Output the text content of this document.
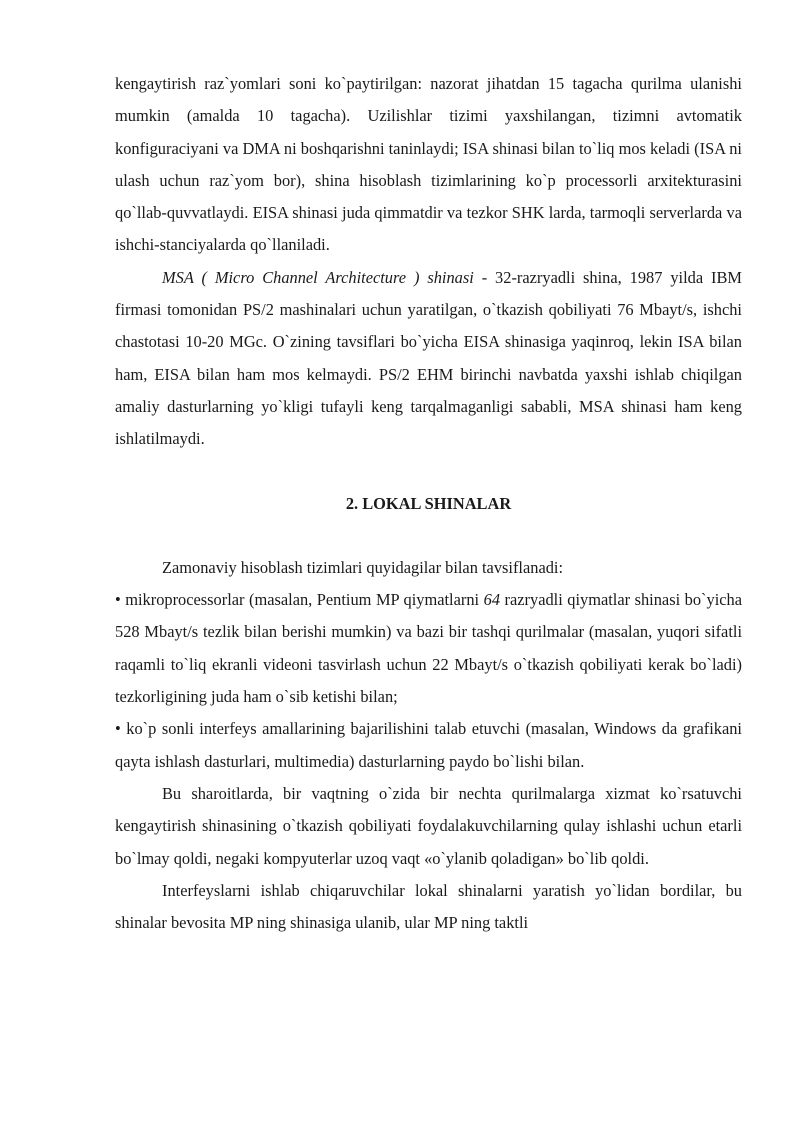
kengaytirish raz`yomlari soni ko`paytirilgan: nazorat jihatdan 15 tagacha qurilma ulanishi mumkin (amalda 10 tagacha). Uzilishlar tizimi yaxshilangan, tizimni avtomatik konfiguraciyani va DMA ni boshqarishni taninlaydi; ISA shinasi bilan to`liq mos keladi (ISA ni ulash uchun raz`yom bor), shina hisoblash tizimlarining ko`p processorli arxitekturasini qo`llab-quvvatlaydi. EISA shinasi juda qimmatdir va tezkor SHK larda, tarmoqli serverlarda va ishchi-stanciyalarda qo`llaniladi.

MSA ( Micro Channel Architecture ) shinasi - 32-razryadli shina, 1987 yilda IBM firmasi tomonidan PS/2 mashinalari uchun yaratilgan, o`tkazish qobiliyati 76 Mbayt/s, ishchi chastotasi 10-20 MGc. O`zining tavsiflari bo`yicha EISA shinasiga yaqinroq, lekin ISA bilan ham, EISA bilan ham mos kelmaydi. PS/2 EHM birinchi navbatda yaxshi ishlab chiqilgan amaliy dasturlarning yo`kligi tufayli keng tarqalmaganligi sababli, MSA shinasi ham keng ishlatilmaydi.

2. LOKAL SHINALAR

Zamonaviy hisoblash tizimlari quyidagilar bilan tavsiflanadi:

• mikroprocessorlar (masalan, Pentium MP qiymatlarni 64 razryadli qiymatlar shinasi bo`yicha 528 Mbayt/s tezlik bilan berishi mumkin) va bazi bir tashqi qurilmalar (masalan, yuqori sifatli raqamli to`liq ekranli videoni tasvirlash uchun 22 Mbayt/s o`tkazish qobiliyati kerak bo`ladi) tezkorligining juda ham o`sib ketishi bilan;

• ko`p sonli interfeys amallarining bajarilishini talab etuvchi (masalan, Windows da grafikani qayta ishlash dasturlari, multimedia) dasturlarning paydo bo`lishi bilan.

Bu sharoitlarda, bir vaqtning o`zida bir nechta qurilmalarga xizmat ko`rsatuvchi kengaytirish shinasining o`tkazish qobiliyati foydalakuvchilarning qulay ishlashi uchun etarli bo`lmay qoldi, negaki kompyuterlar uzoq vaqt «o`ylanib qoladigan» bo`lib qoldi.

Interfeyslarni ishlab chiqaruvchilar lokal shinalarni yaratish yo`lidan bordilar, bu shinalar bevosita MP ning shinasiga ulanib, ular MP ning taktli
